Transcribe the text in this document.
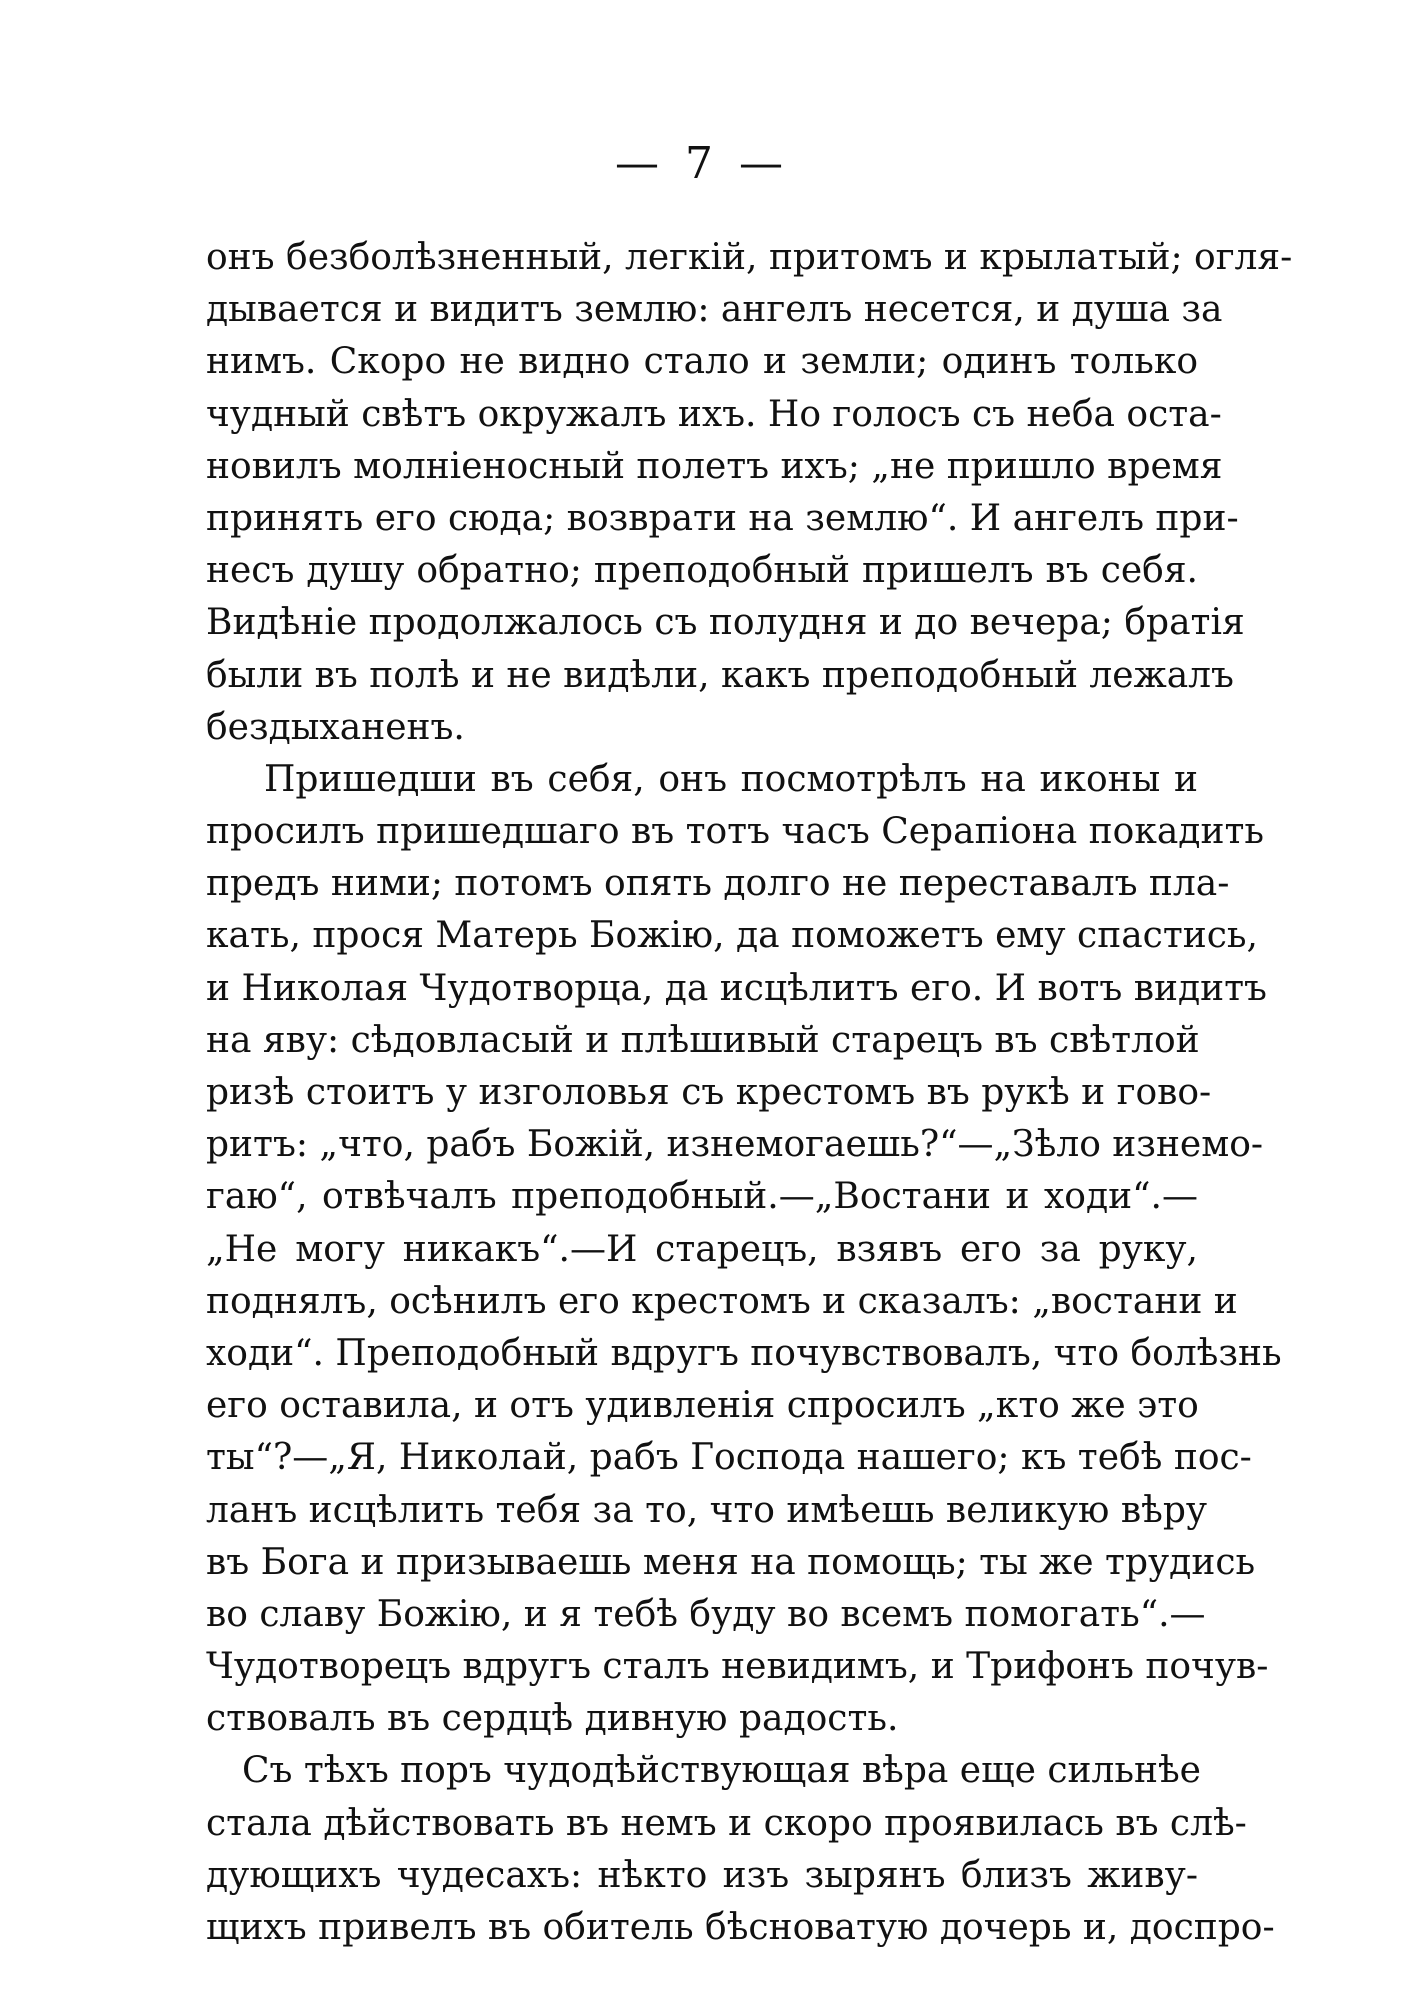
— 7 —
онъ безболѣзненный, легкій, притомъ и крылатый; огля-
дывается и видитъ землю: ангелъ несется, и душа за
нимъ. Скоро не видно стало и земли; одинъ только
чудный свѣтъ окружалъ ихъ. Но голосъ съ неба оста-
новилъ молніеносный полетъ ихъ; „не пришло время
принять его сюда; возврати на землю“. И ангелъ при-
несъ душу обратно; преподобный пришелъ въ себя.
Видѣніе продолжалось съ полудня и до вечера; братія
были въ полѣ и не видѣли, какъ преподобный лежалъ
бездыханенъ.
Пришедши въ себя, онъ посмотрѣлъ на иконы и
просилъ пришедшаго въ тотъ часъ Серапіона покадить
предъ ними; потомъ опять долго не переставалъ пла-
кать, прося Матерь Божію, да поможетъ ему спастись,
и Николая Чудотворца, да исцѣлитъ его. И вотъ видитъ
на яву: сѣдовласый и плѣшивый старецъ въ свѣтлой
ризѣ стоитъ у изголовья съ крестомъ въ рукѣ и гово-
ритъ: „что, рабъ Божій, изнемогаешь?“—„Зѣло изнемо-
гаю“, отвѣчалъ преподобный.—„Востани и ходи“.—
„Не могу никакъ“.—И старецъ, взявъ его за руку,
поднялъ, осѣнилъ его крестомъ и сказалъ: „востани и
ходи“. Преподобный вдругъ почувствовалъ, что болѣзнь
его оставила, и отъ удивленія спросилъ „кто же это
ты“?—„Я, Николай, рабъ Господа нашего; къ тебѣ пос-
ланъ исцѣлить тебя за то, что имѣешь великую вѣру
въ Бога и призываешь меня на помощь; ты же трудись
во славу Божію, и я тебѣ буду во всемъ помогать“.—
Чудотворецъ вдругъ сталъ невидимъ, и Трифонъ почув-
ствовалъ въ сердцѣ дивную радость.
Съ тѣхъ поръ чудодѣйствующая вѣра еще сильнѣе
стала дѣйствовать въ немъ и скоро проявилась въ слѣ-
дующихъ чудесахъ: нѣкто изъ зырянъ близъ живу-
щихъ привелъ въ обитель бѣсноватую дочерь и, доспро-
